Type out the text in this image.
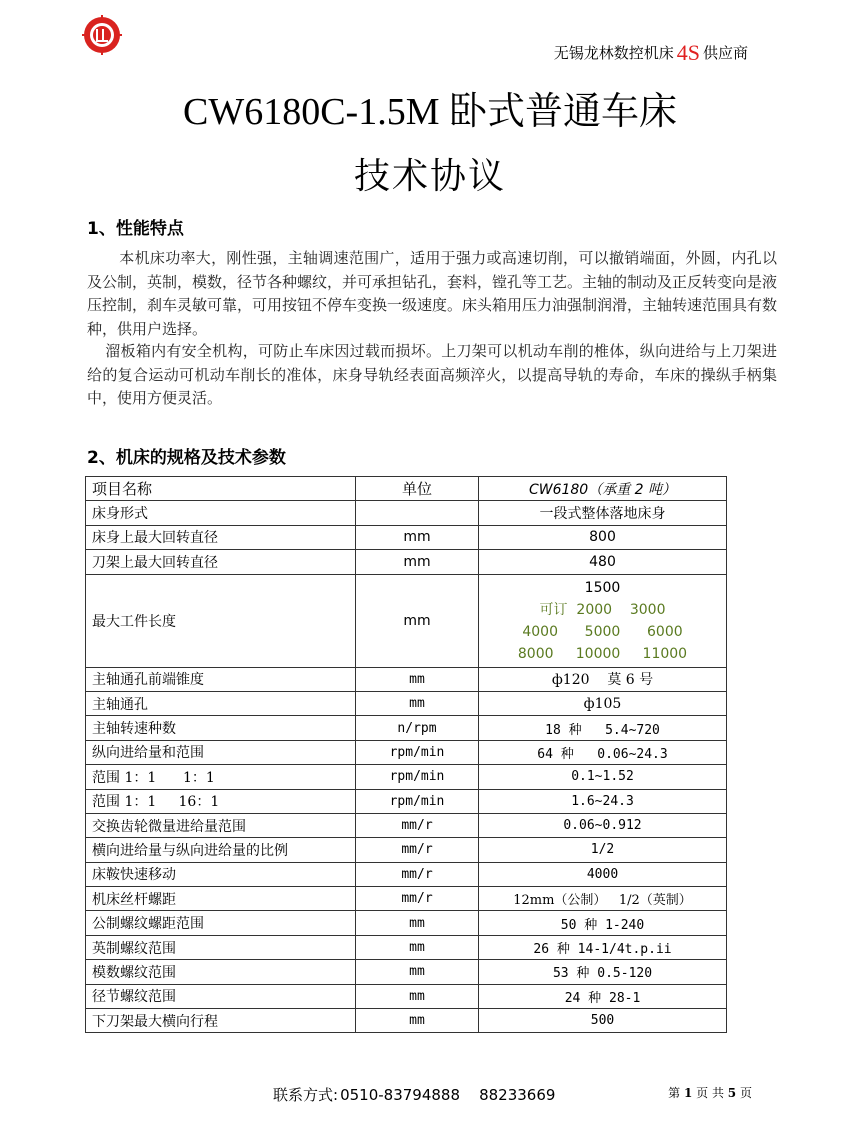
无锡龙林数控机床 4S 供应商
CW6180C-1.5M 卧式普通车床
技术协议
1、性能特点
本机床功率大，刚性强，主轴调速范围广，适用于强力或高速切削，可以撤销端面，外圆，内孔以及公制，英制，模数，径节各种螺纹，并可承担钻孔，套料，镗孔等工艺。主轴的制动及正反转变向是液压控制，刹车灵敏可靠，可用按钮不停车变换一级速度。床头箱用压力油强制润滑，主轴转速范围具有数种，供用户选择。
溜板箱内有安全机构，可防止车床因过载而损坏。上刀架可以机动车削的椎体，纵向进给与上刀架进给的复合运动可机动车削长的准体，床身导轨经表面高频淬火，以提高导轨的寿命，车床的操纵手柄集中，使用方便灵活。
2、机床的规格及技术参数
项目名称	单位	CW6180（承重 2 吨）
床身形式		一段式整体落地床身
床身上最大回转直径	mm	800
刀架上最大回转直径	mm	480
最大工件长度	mm	1500
可订  2000    3000
4000      5000      6000
8000     10000     11000

主轴通孔前端锥度	mm	ф120    莫 6 号
主轴通孔	mm	ф105
主轴转速种数	n/rpm	18 种   5.4~720
纵向进给量和范围	rpm/min	64 种   0.06~24.3
范围 1：1      1：1	rpm/min	0.1~1.52
范围 1：1     16：1	rpm/min	1.6~24.3
交换齿轮微量进给量范围	mm/r	0.06~0.912
横向进给量与纵向进给量的比例	mm/r	1/2
床鞍快速移动	mm/r	4000
机床丝杆螺距	mm/r	12mm（公制）   1/2（英制）
公制螺纹螺距范围	mm	50 种 1-240
英制螺纹范围	mm	26 种 14-1/4t.p.ii
模数螺纹范围	mm	53 种 0.5-120
径节螺纹范围	mm	24 种 28-1
下刀架最大横向行程	mm	500
联系方式: 0510-83794888 88233669	第 1 页 共 5 页
